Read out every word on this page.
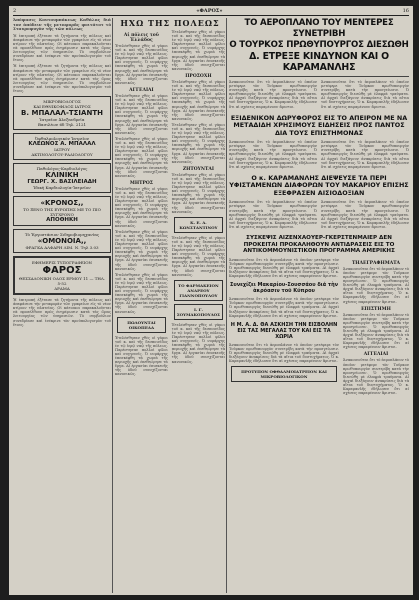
2	«ΦΑΡΟΣ»	16

Ἀπόφασις Κουτουμπάκεως Καθάλας διά τον ἀπόδειν τῆς μεταφορᾶς φοιτάτοτ τό Σταυροφυγὸν τῆς τῶν πόλεως

Ἡ ἐπιτροπή ἐξέτασε τὰ ζητήματα τῆς πόλεως καὶ ἀπεφάσισε τὴν μεταφορὰν τῶν γραφείων εἰς τὸ νέον κτίριον τῆς πλατείας. Οἱ κάτοικοι παρακαλοῦνται νὰ προσέλθουν πρὸς ἐνημέρωσιν κατὰ τὰς ὥρας λειτουργίας τῶν ὑπηρεσιῶν. Τὸ συμβούλιον συνεδρίασε καὶ ἐνέκρινε τὸν προϋπολογισμὸν τοῦ ἔτους.

Ἡ ἐπιτροπή ἐξέτασε τὰ ζητήματα τῆς πόλεως καὶ ἀπεφάσισε τὴν μεταφορὰν τῶν γραφείων εἰς τὸ νέον κτίριον τῆς πλατείας. Οἱ κάτοικοι παρακαλοῦνται νὰ προσέλθουν πρὸς ἐνημέρωσιν κατὰ τὰς ὥρας λειτουργίας τῶν ὑπηρεσιῶν. Τὸ συμβούλιον συνεδρίασε καὶ ἐνέκρινε τὸν προϋπολογισμὸν τοῦ ἔτους.

ΜΙΚΡΟΒΙΟΛΟΓΟΣ
ΚΑΙ ΕΘΝΙΚΟΦΙΛΟΣ ΙΑΤΡΟΣ
Β. ΜΠΑΛΑΛ-ΤΣΙΑΝΤΗ
Ἰατρεῖον Ἀλεξανδρεῖα
Βασιλέων 6δ Τηλ. 2121
Ὀφθαλμολογικὸν Ἰατρεῖον
ΚΛΕΩΝΟΣ Α. ΜΠΑΛΑΛ
ΙΑΤΡΟΥ
ΑΚΤΙΝΟΛΟΓΟΥ-ΡΑΔΙΟΛΟΓΟΥ
Παθολόγος-Καρδιολόγος
ΚΛΙΝΙΚΗ
ΓΕΩΡΓ. Χ. ΒΑΣΙΛΕΙΑΔΗ
Ἰδικὴ Καρδιολογία-Ἰατρεῖον
«ΚΡΟΝΟΣ,,
ΤΟ ΞΕΝΟ ΤΗΣ ΕΥΡΩΠΗΣ ΜΕ ΤΟ ΠΙΟ ΣΥΓΧΡΟΝΟ
ΑΠΟΘΗΚΗ
Τὸ Ἐργοστάσιον Σιδηροβιομηχανίας
«ΟΜΟΝΟΙΑ,,
ΦΡΑΓΚΑ ΑΛΦΑΡΗ ΛΙΜ. Ν. Τηλ 3.03
ΕΦΗΜΕΡΙΣ ΤΥΠΟΓΡΑΦΕΙΟΝ
ΦΑΡΟΣ
ΘΕΣΣΑΛΟΝΙΚΗ ΟΔΟΣ ΕΡΜΟΥ 11 — ΤΗΛ. 5-52
ΔΡΑΜΑ

Ἡ ἐπιτροπή ἐξέτασε τὰ ζητήματα τῆς πόλεως καὶ ἀπεφάσισε τὴν μεταφορὰν τῶν γραφείων εἰς τὸ νέον κτίριον τῆς πλατείας. Οἱ κάτοικοι παρακαλοῦνται νὰ προσέλθουν πρὸς ἐνημέρωσιν κατὰ τὰς ὥρας λειτουργίας τῶν ὑπηρεσιῶν. Τὸ συμβούλιον συνεδρίασε καὶ ἐνέκρινε τὸν προϋπολογισμὸν τοῦ ἔτους.

ΗΧΩ ΤΗΣ ΠΟΛΕΩΣ
Αἱ πόλεις τοῦ Ἐλλάδος

Ἐτελέσθησαν χθὲς οἱ γάμοι τοῦ κ. καὶ τῆς δεσποινίδος ἐν τῷ ἱερῷ ναῷ τῆς πόλεως. Παρέστησαν πολλοὶ φίλοι καὶ συγγενεῖς. Ὁ νομάρχης ἐπεσκέφθη τὰ χωριὰ τῆς περιοχῆς καὶ ἐπεθεώρησε τὰ ἔργα. Αἱ ἐργασίαι ἐπισκευῆς τῆς ὁδοῦ συνεχίζονται κανονικῶς.

ΑΓΓΕΛΙΑΙ

Ἐτελέσθησαν χθὲς οἱ γάμοι τοῦ κ. καὶ τῆς δεσποινίδος ἐν τῷ ἱερῷ ναῷ τῆς πόλεως. Παρέστησαν πολλοὶ φίλοι καὶ συγγενεῖς. Ὁ νομάρχης ἐπεσκέφθη τὰ χωριὰ τῆς περιοχῆς καὶ ἐπεθεώρησε τὰ ἔργα. Αἱ ἐργασίαι ἐπισκευῆς τῆς ὁδοῦ συνεχίζονται κανονικῶς.

Ἐτελέσθησαν χθὲς οἱ γάμοι τοῦ κ. καὶ τῆς δεσποινίδος ἐν τῷ ἱερῷ ναῷ τῆς πόλεως. Παρέστησαν πολλοὶ φίλοι καὶ συγγενεῖς. Ὁ νομάρχης ἐπεσκέφθη τὰ χωριὰ τῆς περιοχῆς καὶ ἐπεθεώρησε τὰ ἔργα. Αἱ ἐργασίαι ἐπισκευῆς τῆς ὁδοῦ συνεχίζονται κανονικῶς.

ΜΗΤΡΟΣ

Ἐτελέσθησαν χθὲς οἱ γάμοι τοῦ κ. καὶ τῆς δεσποινίδος ἐν τῷ ἱερῷ ναῷ τῆς πόλεως. Παρέστησαν πολλοὶ φίλοι καὶ συγγενεῖς. Ὁ νομάρχης ἐπεσκέφθη τὰ χωριὰ τῆς περιοχῆς καὶ ἐπεθεώρησε τὰ ἔργα. Αἱ ἐργασίαι ἐπισκευῆς τῆς ὁδοῦ συνεχίζονται κανονικῶς.

Ἐτελέσθησαν χθὲς οἱ γάμοι τοῦ κ. καὶ τῆς δεσποινίδος ἐν τῷ ἱερῷ ναῷ τῆς πόλεως. Παρέστησαν πολλοὶ φίλοι καὶ συγγενεῖς. Ὁ νομάρχης ἐπεσκέφθη τὰ χωριὰ τῆς περιοχῆς καὶ ἐπεθεώρησε τὰ ἔργα. Αἱ ἐργασίαι ἐπισκευῆς τῆς ὁδοῦ συνεχίζονται κανονικῶς.

Ἐτελέσθησαν χθὲς οἱ γάμοι τοῦ κ. καὶ τῆς δεσποινίδος ἐν τῷ ἱερῷ ναῷ τῆς πόλεως. Παρέστησαν πολλοὶ φίλοι καὶ συγγενεῖς. Ὁ νομάρχης ἐπεσκέφθη τὰ χωριὰ τῆς περιοχῆς καὶ ἐπεθεώρησε τὰ ἔργα. Αἱ ἐργασίαι ἐπισκευῆς τῆς ὁδοῦ συνεχίζονται κανονικῶς.

ΠΩΛΟΥΝΤΑΙ ΟΙΚΟΠΕΔΑ

Ἐτελέσθησαν χθὲς οἱ γάμοι τοῦ κ. καὶ τῆς δεσποινίδος ἐν τῷ ἱερῷ ναῷ τῆς πόλεως. Παρέστησαν πολλοὶ φίλοι καὶ συγγενεῖς. Ὁ νομάρχης ἐπεσκέφθη τὰ χωριὰ τῆς περιοχῆς καὶ ἐπεθεώρησε τὰ ἔργα. Αἱ ἐργασίαι ἐπισκευῆς τῆς ὁδοῦ συνεχίζονται κανονικῶς.

Ἐτελέσθησαν χθὲς οἱ γάμοι τοῦ κ. καὶ τῆς δεσποινίδος ἐν τῷ ἱερῷ ναῷ τῆς πόλεως. Παρέστησαν πολλοὶ φίλοι καὶ συγγενεῖς. Ὁ νομάρχης ἐπεσκέφθη τὰ χωριὰ τῆς περιοχῆς καὶ ἐπεθεώρησε τὰ ἔργα. Αἱ ἐργασίαι ἐπισκευῆς τῆς ὁδοῦ συνεχίζονται κανονικῶς.

ΠΡΟΣΟΧΗ

Ἐτελέσθησαν χθὲς οἱ γάμοι τοῦ κ. καὶ τῆς δεσποινίδος ἐν τῷ ἱερῷ ναῷ τῆς πόλεως. Παρέστησαν πολλοὶ φίλοι καὶ συγγενεῖς. Ὁ νομάρχης ἐπεσκέφθη τὰ χωριὰ τῆς περιοχῆς καὶ ἐπεθεώρησε τὰ ἔργα. Αἱ ἐργασίαι ἐπισκευῆς τῆς ὁδοῦ συνεχίζονται κανονικῶς.

Ἐτελέσθησαν χθὲς οἱ γάμοι τοῦ κ. καὶ τῆς δεσποινίδος ἐν τῷ ἱερῷ ναῷ τῆς πόλεως. Παρέστησαν πολλοὶ φίλοι καὶ συγγενεῖς. Ὁ νομάρχης ἐπεσκέφθη τὰ χωριὰ τῆς περιοχῆς καὶ ἐπεθεώρησε τὰ ἔργα. Αἱ ἐργασίαι ἐπισκευῆς τῆς ὁδοῦ συνεχίζονται κανονικῶς.

ΖΗΤΟΥΝΤΑΙ

Ἐτελέσθησαν χθὲς οἱ γάμοι τοῦ κ. καὶ τῆς δεσποινίδος ἐν τῷ ἱερῷ ναῷ τῆς πόλεως. Παρέστησαν πολλοὶ φίλοι καὶ συγγενεῖς. Ὁ νομάρχης ἐπεσκέφθη τὰ χωριὰ τῆς περιοχῆς καὶ ἐπεθεώρησε τὰ ἔργα. Αἱ ἐργασίαι ἐπισκευῆς τῆς ὁδοῦ συνεχίζονται κανονικῶς.

Κ. Ε. Δ. ΚΩΝΣΤΑΝΤΙΝΟΥ

Ἐτελέσθησαν χθὲς οἱ γάμοι τοῦ κ. καὶ τῆς δεσποινίδος ἐν τῷ ἱερῷ ναῷ τῆς πόλεως. Παρέστησαν πολλοὶ φίλοι καὶ συγγενεῖς. Ὁ νομάρχης ἐπεσκέφθη τὰ χωριὰ τῆς περιοχῆς καὶ ἐπεθεώρησε τὰ ἔργα. Αἱ ἐργασίαι ἐπισκευῆς τῆς ὁδοῦ συνεχίζονται κανονικῶς.

ΤΟ ΦΑΡΜΑΚΕΙΟΝ ΑΝΔΡΕΟΥ ΓΙΑΝΝΟΠΟΥΛΟΥ
Ι. Γ. ΣΟΥΜΑΚΟΠΟΥΛΟΣ

Ἐτελέσθησαν χθὲς οἱ γάμοι τοῦ κ. καὶ τῆς δεσποινίδος ἐν τῷ ἱερῷ ναῷ τῆς πόλεως. Παρέστησαν πολλοὶ φίλοι καὶ συγγενεῖς. Ὁ νομάρχης ἐπεσκέφθη τὰ χωριὰ τῆς περιοχῆς καὶ ἐπεθεώρησε τὰ ἔργα. Αἱ ἐργασίαι ἐπισκευῆς τῆς ὁδοῦ συνεχίζονται κανονικῶς.

ΤΟ ΑΕΡΟΠΛΑΝΟ ΤΟΥ ΜΕΝΤΕΡΕΣ ΣΥΝΕΤΡΙΒΗ
Ο ΤΟΥΡΚΟΣ ΠΡΩΘΥΠΟΥΡΓΟΣ ΔΙΕΣΩΘΗ
Δ. ΕΤΡΕΞΕ ΚΙΝΔΥΝΟΝ ΚΑΙ Ο ΚΑΡΑΜΑΝΛΗΣ

Ἀνακοινοῦται ὅτι τὸ ἀεροπλάνον τὸ ὁποῖον μετέφερε τὸν Τοῦρκον πρωθυπουργὸν συνετρίβη κατὰ τὴν προσγείωσιν. Ὁ πρωθυπουργὸς διεσώθη μὲ ἐλαφρὰ τραύματα. Αἱ ἀρχαὶ διεξάγουν ἀνακρίσεις διὰ τὰ αἴτια τοῦ δυστυχήματος. Ὁ κ. Καραμανλῆς ἐδήλωσεν ὅτι αἱ σχέσεις παραμένουν ἄριστοι.

Ἀνακοινοῦται ὅτι τὸ ἀεροπλάνον τὸ ὁποῖον μετέφερε τὸν Τοῦρκον πρωθυπουργὸν συνετρίβη κατὰ τὴν προσγείωσιν. Ὁ πρωθυπουργὸς διεσώθη μὲ ἐλαφρὰ τραύματα. Αἱ ἀρχαὶ διεξάγουν ἀνακρίσεις διὰ τὰ αἴτια τοῦ δυστυχήματος. Ὁ κ. Καραμανλῆς ἐδήλωσεν ὅτι αἱ σχέσεις παραμένουν ἄριστοι.

ΕΞΙΔΕΝΙΚΟΝ ΔΩΡΥΦΟΡΟΣ ΕΙΣ ΤΟ ΑΠΕΙΡΟΝ ΜΕ ΝΑ ΜΕΤΑΔΙΔΗ ΧΡΗΣΙΜΟΥΣ ΕΙΔΗΣΕΙΣ ΠΡΟΣ ΠΑΝΤΟΣ ΔΙΑ ΤΟΥΣ ΕΠΙΣΤΗΜΟΝΑΣ

Ἀνακοινοῦται ὅτι τὸ ἀεροπλάνον τὸ ὁποῖον μετέφερε τὸν Τοῦρκον πρωθυπουργὸν συνετρίβη κατὰ τὴν προσγείωσιν. Ὁ πρωθυπουργὸς διεσώθη μὲ ἐλαφρὰ τραύματα. Αἱ ἀρχαὶ διεξάγουν ἀνακρίσεις διὰ τὰ αἴτια τοῦ δυστυχήματος. Ὁ κ. Καραμανλῆς ἐδήλωσεν ὅτι αἱ σχέσεις παραμένουν ἄριστοι.

Ἀνακοινοῦται ὅτι τὸ ἀεροπλάνον τὸ ὁποῖον μετέφερε τὸν Τοῦρκον πρωθυπουργὸν συνετρίβη κατὰ τὴν προσγείωσιν. Ὁ πρωθυπουργὸς διεσώθη μὲ ἐλαφρὰ τραύματα. Αἱ ἀρχαὶ διεξάγουν ἀνακρίσεις διὰ τὰ αἴτια τοῦ δυστυχήματος. Ὁ κ. Καραμανλῆς ἐδήλωσεν ὅτι αἱ σχέσεις παραμένουν ἄριστοι.

Ο κ. ΚΑΡΑΜΑΝΛΗΣ ΔΙΕΨΕΥΣΕ ΤΑ ΠΕΡΙ ΥΦΙΣΤΑΜΕΝΩΝ ΔΙΑΦΟΡΩΝ ΤΟΥ ΜΑΚΑΡΙΟΥ ΕΠΙΣΗΣ ΕΞΕΦΡΑΣΕΝ ΑΙΣΙΟΔΟΞΙΑΝ

Ἀνακοινοῦται ὅτι τὸ ἀεροπλάνον τὸ ὁποῖον μετέφερε τὸν Τοῦρκον πρωθυπουργὸν συνετρίβη κατὰ τὴν προσγείωσιν. Ὁ πρωθυπουργὸς διεσώθη μὲ ἐλαφρὰ τραύματα. Αἱ ἀρχαὶ διεξάγουν ἀνακρίσεις διὰ τὰ αἴτια τοῦ δυστυχήματος. Ὁ κ. Καραμανλῆς ἐδήλωσεν ὅτι αἱ σχέσεις παραμένουν ἄριστοι.

Ἀνακοινοῦται ὅτι τὸ ἀεροπλάνον τὸ ὁποῖον μετέφερε τὸν Τοῦρκον πρωθυπουργὸν συνετρίβη κατὰ τὴν προσγείωσιν. Ὁ πρωθυπουργὸς διεσώθη μὲ ἐλαφρὰ τραύματα. Αἱ ἀρχαὶ διεξάγουν ἀνακρίσεις διὰ τὰ αἴτια τοῦ δυστυχήματος. Ὁ κ. Καραμανλῆς ἐδήλωσεν ὅτι αἱ σχέσεις παραμένουν ἄριστοι.

ΣΥΣΚΕΨΙΣ ΑΙΖΕΝΧΑΟΥΕΡ-ΓΚΕΡΣΤΕΝΜΑΙΕΡ ΔΕΝ ΠΡΟΚΕΙΤΑΙ ΠΡΟΚΑΛΗΘΟΥΝ ΑΝΤΙΔΡΑΣΕΙΣ ΕΙΣ ΤΟ ΑΝΤΙΚΟΜΜΟΥΝΙΣΤΙΚΟΝ ΠΡΟΓΡΑΜΜΑ ΑΜΕΡΙΚΗΣ

Ἀνακοινοῦται ὅτι τὸ ἀεροπλάνον τὸ ὁποῖον μετέφερε τὸν Τοῦρκον πρωθυπουργὸν συνετρίβη κατὰ τὴν προσγείωσιν. Ὁ πρωθυπουργὸς διεσώθη μὲ ἐλαφρὰ τραύματα. Αἱ ἀρχαὶ διεξάγουν ἀνακρίσεις διὰ τὰ αἴτια τοῦ δυστυχήματος. Ὁ κ. Καραμανλῆς ἐδήλωσεν ὅτι αἱ σχέσεις παραμένουν ἄριστοι.

Συνεχίζει Μακαρίου-Σουσσάου διά τὴν ἀκρόασιν τοῦ Κύπρου

Ἀνακοινοῦται ὅτι τὸ ἀεροπλάνον τὸ ὁποῖον μετέφερε τὸν Τοῦρκον πρωθυπουργὸν συνετρίβη κατὰ τὴν προσγείωσιν. Ὁ πρωθυπουργὸς διεσώθη μὲ ἐλαφρὰ τραύματα. Αἱ ἀρχαὶ διεξάγουν ἀνακρίσεις διὰ τὰ αἴτια τοῦ δυστυχήματος. Ὁ κ. Καραμανλῆς ἐδήλωσεν ὅτι αἱ σχέσεις παραμένουν ἄριστοι.

Η Μ. Α. Δ. ΘΑ ΑΣΚΗΣΗ ΤΗΝ ΕΙΣΒΟΛΗΝ ΕΙΣ ΤΑΣ ΜΕΓΑΛΑΣ ΤΟΥ ΚΑΙ ΕΙΣ ΤΑ ΧΩΡΙΑ

Ἀνακοινοῦται ὅτι τὸ ἀεροπλάνον τὸ ὁποῖον μετέφερε τὸν Τοῦρκον πρωθυπουργὸν συνετρίβη κατὰ τὴν προσγείωσιν. Ὁ πρωθυπουργὸς διεσώθη μὲ ἐλαφρὰ τραύματα. Αἱ ἀρχαὶ διεξάγουν ἀνακρίσεις διὰ τὰ αἴτια τοῦ δυστυχήματος. Ὁ κ. Καραμανλῆς ἐδήλωσεν ὅτι αἱ σχέσεις παραμένουν ἄριστοι.

ΠΡΟΤΥΠΟΝ ΟΦΘΑΛΜΟΙΑΤΡΕΙΟΝ ΚΑΙ ΜΙΚΡΟΒΙΟΛΟΓΙΚΟΝ
ΤΗΛΕΓΡΑΦΗΜΑΤΑ

Ἀνακοινοῦται ὅτι τὸ ἀεροπλάνον τὸ ὁποῖον μετέφερε τὸν Τοῦρκον πρωθυπουργὸν συνετρίβη κατὰ τὴν προσγείωσιν. Ὁ πρωθυπουργὸς διεσώθη μὲ ἐλαφρὰ τραύματα. Αἱ ἀρχαὶ διεξάγουν ἀνακρίσεις διὰ τὰ αἴτια τοῦ δυστυχήματος. Ὁ κ. Καραμανλῆς ἐδήλωσεν ὅτι αἱ σχέσεις παραμένουν ἄριστοι.

ΕΠΙΣΤΗΜΗ

Ἀνακοινοῦται ὅτι τὸ ἀεροπλάνον τὸ ὁποῖον μετέφερε τὸν Τοῦρκον πρωθυπουργὸν συνετρίβη κατὰ τὴν προσγείωσιν. Ὁ πρωθυπουργὸς διεσώθη μὲ ἐλαφρὰ τραύματα. Αἱ ἀρχαὶ διεξάγουν ἀνακρίσεις διὰ τὰ αἴτια τοῦ δυστυχήματος. Ὁ κ. Καραμανλῆς ἐδήλωσεν ὅτι αἱ σχέσεις παραμένουν ἄριστοι.

ΑΓΓΕΛΙΑΙ

Ἀνακοινοῦται ὅτι τὸ ἀεροπλάνον τὸ ὁποῖον μετέφερε τὸν Τοῦρκον πρωθυπουργὸν συνετρίβη κατὰ τὴν προσγείωσιν. Ὁ πρωθυπουργὸς διεσώθη μὲ ἐλαφρὰ τραύματα. Αἱ ἀρχαὶ διεξάγουν ἀνακρίσεις διὰ τὰ αἴτια τοῦ δυστυχήματος. Ὁ κ. Καραμανλῆς ἐδήλωσεν ὅτι αἱ σχέσεις παραμένουν ἄριστοι.
